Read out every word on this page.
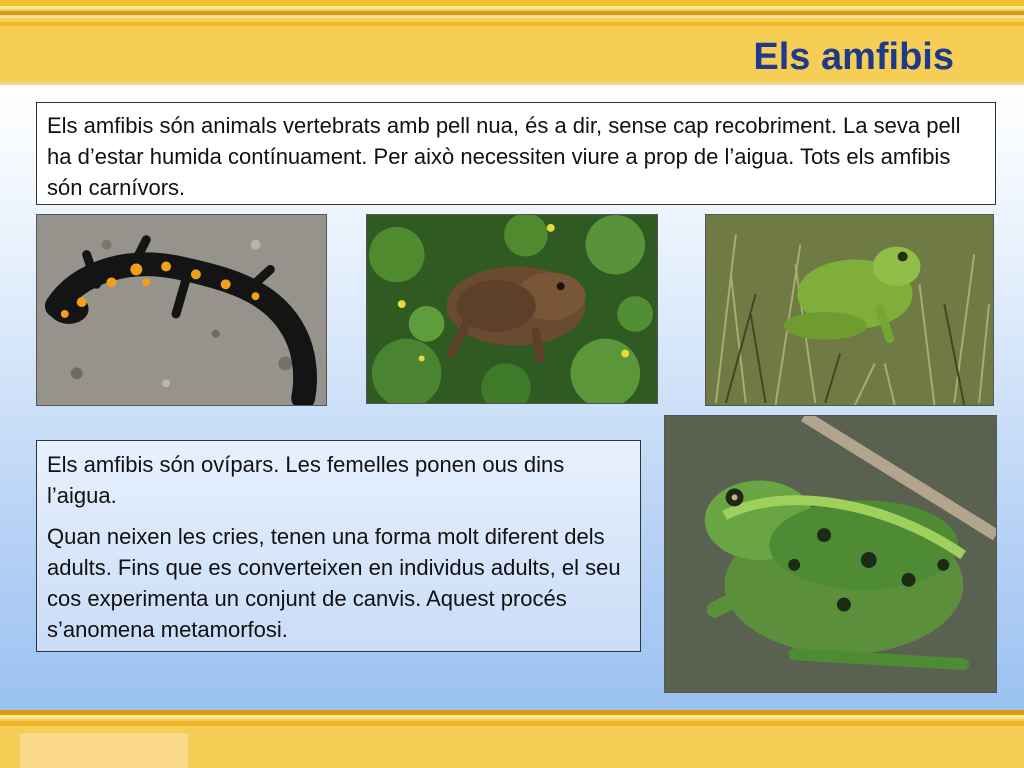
Els amfibis
Els amfibis són animals vertebrats amb pell nua, és a dir, sense cap recobriment. La seva pell ha d’estar humida contínuament. Per això necessiten viure a prop de l’aigua. Tots els amfibis són carnívors.

Els amfibis són ovípars. Les femelles ponen ous dins l’aigua.

Quan neixen les cries, tenen una forma molt diferent dels adults. Fins que es converteixen en individus adults, el seu cos experimenta un conjunt de canvis. Aquest procés s’anomena metamorfosi.
